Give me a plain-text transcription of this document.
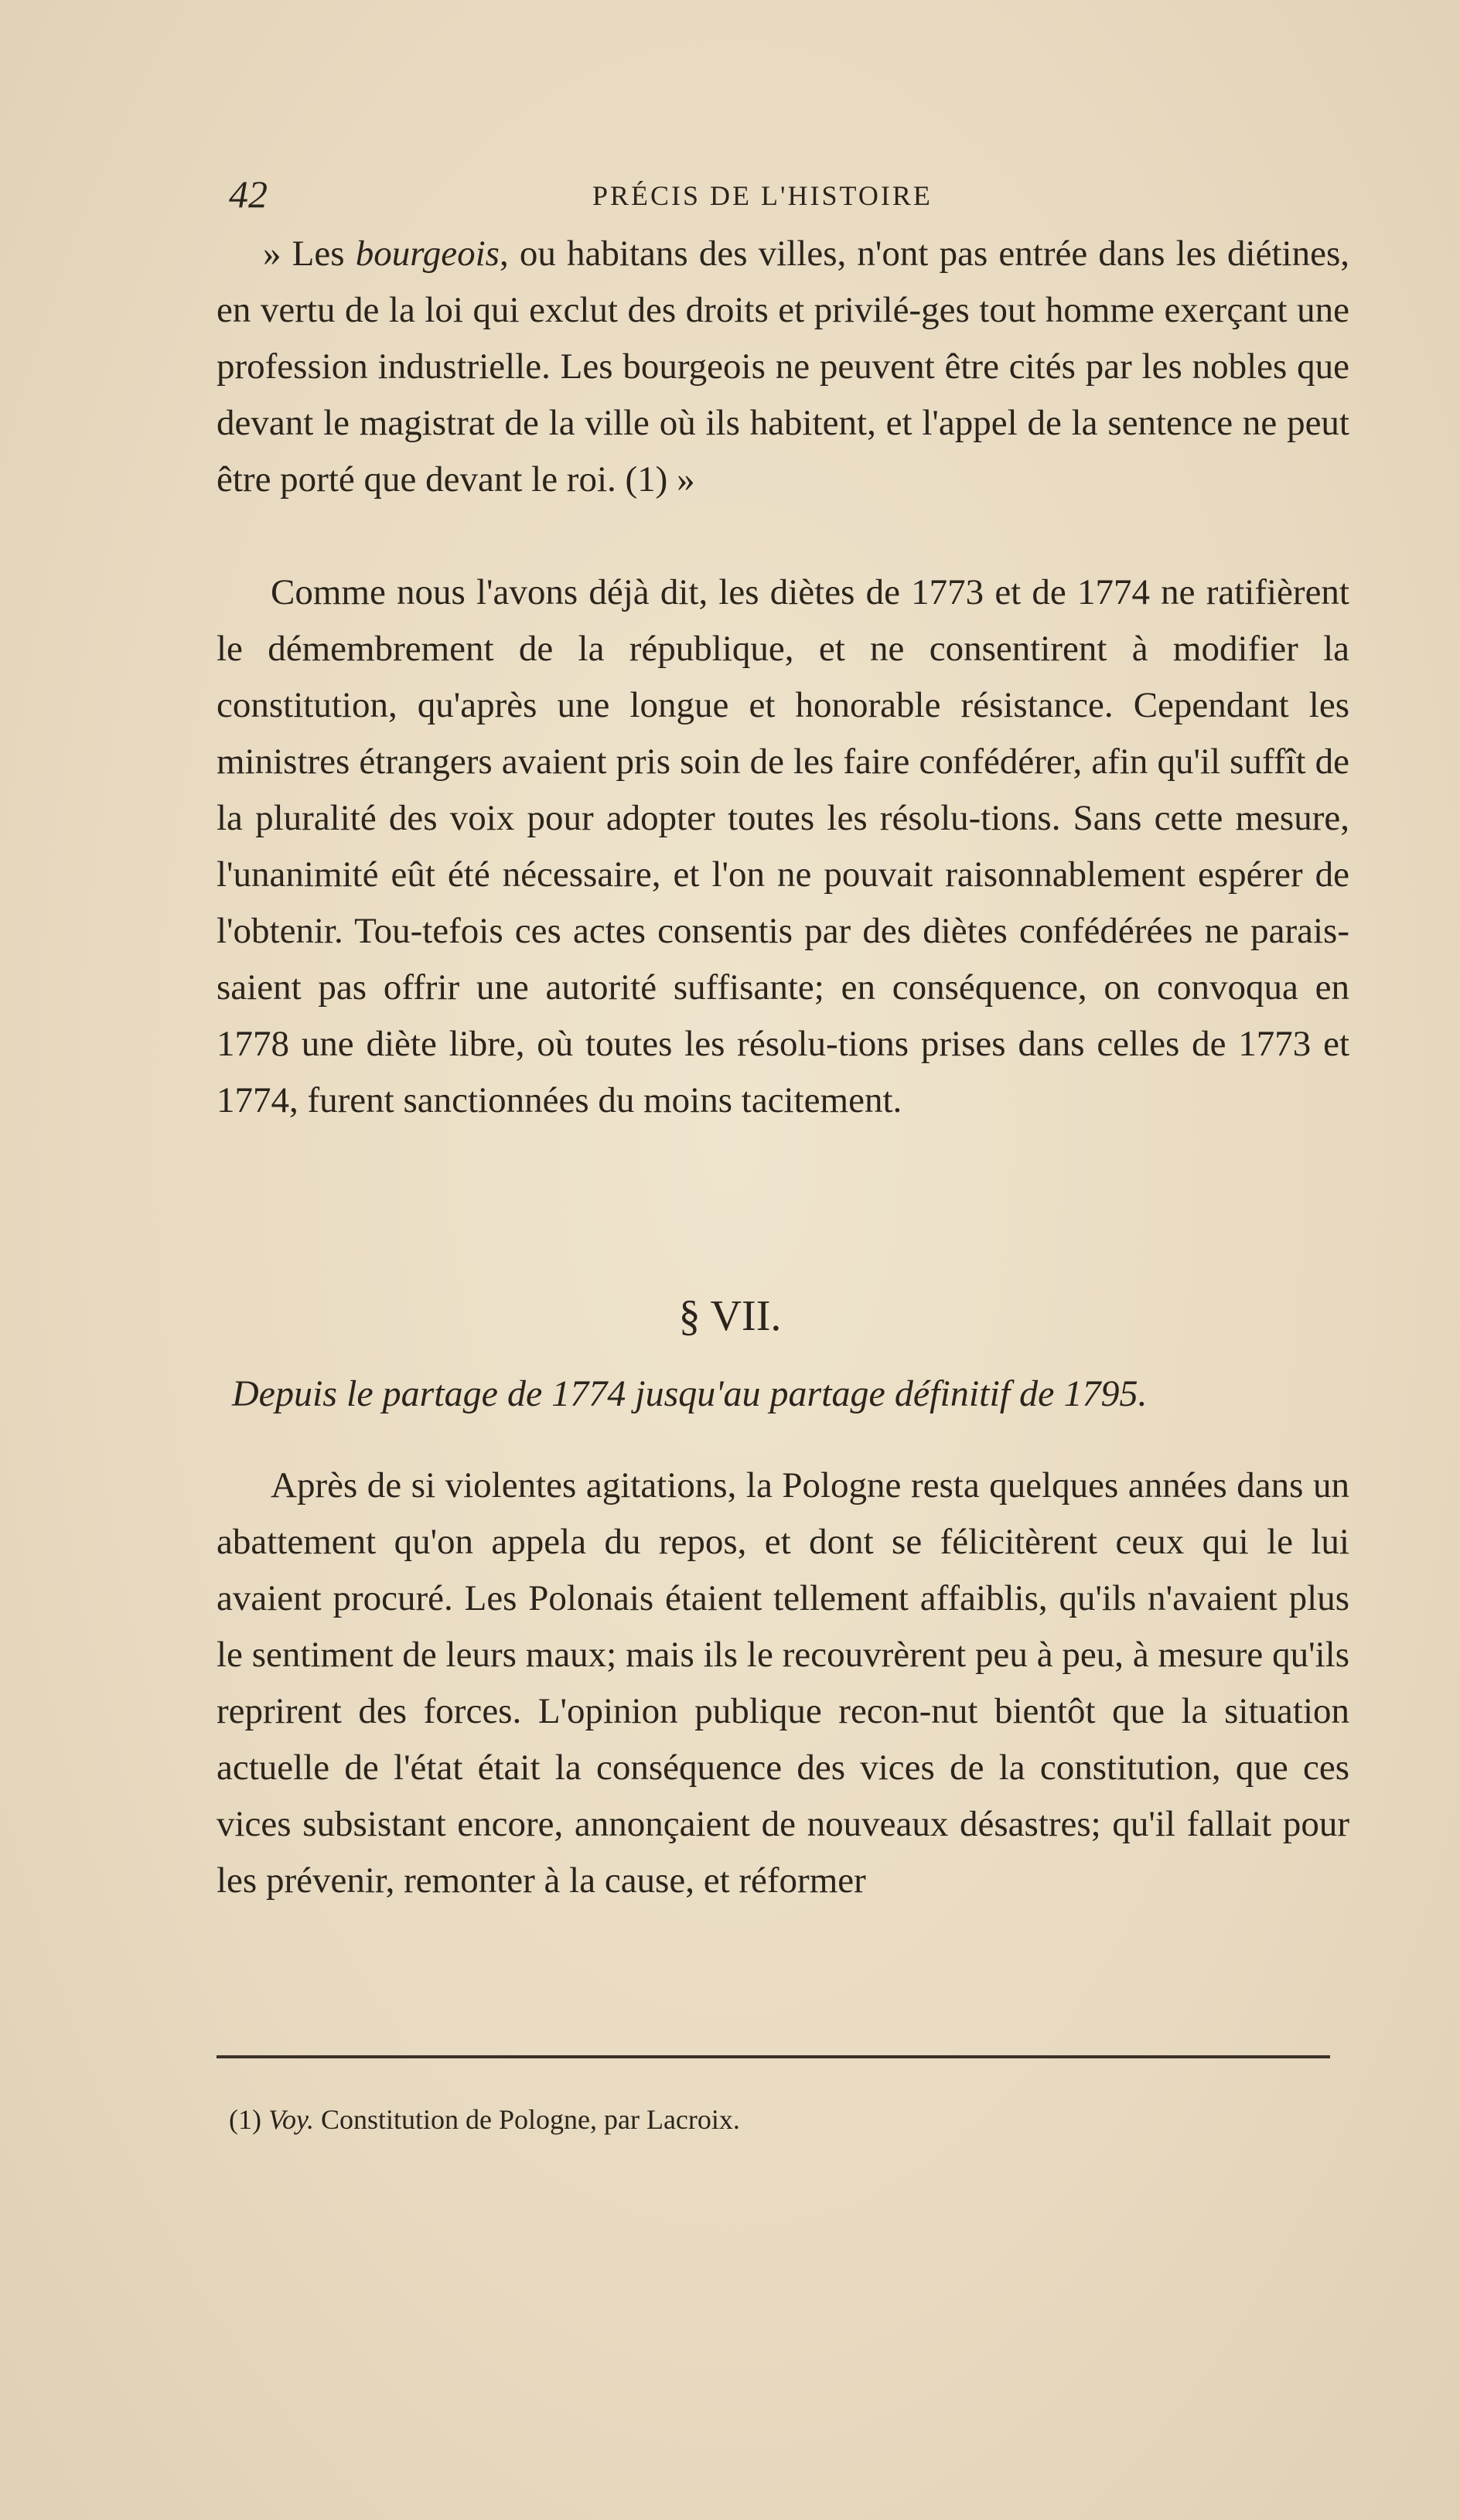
42	PRÉCIS DE L'HISTOIRE

» Les bourgeois, ou habitans des villes, n'ont pas entrée dans les diétines, en vertu de la loi qui exclut des droits et privilé-ges tout homme exerçant une profession industrielle. Les bourgeois ne peuvent être cités par les nobles que devant le magistrat de la ville où ils habitent, et l'appel de la sentence ne peut être porté que devant le roi. (1) »

Comme nous l'avons déjà dit, les diètes de 1773 et de 1774 ne ratifièrent le démembrement de la république, et ne consentirent à modifier la constitution, qu'après une longue et honorable résistance. Cependant les ministres étrangers avaient pris soin de les faire confédérer, afin qu'il suffît de la pluralité des voix pour adopter toutes les résolu-tions. Sans cette mesure, l'unanimité eût été nécessaire, et l'on ne pouvait raisonnablement espérer de l'obtenir. Tou-tefois ces actes consentis par des diètes confédérées ne parais-saient pas offrir une autorité suffisante; en conséquence, on convoqua en 1778 une diète libre, où toutes les résolu-tions prises dans celles de 1773 et 1774, furent sanctionnées du moins tacitement.

§ VII.
Depuis le partage de 1774 jusqu'au partage définitif de 1795.

Après de si violentes agitations, la Pologne resta quelques années dans un abattement qu'on appela du repos, et dont se félicitèrent ceux qui le lui avaient procuré. Les Polonais étaient tellement affaiblis, qu'ils n'avaient plus le sentiment de leurs maux; mais ils le recouvrèrent peu à peu, à mesure qu'ils reprirent des forces. L'opinion publique recon-nut bientôt que la situation actuelle de l'état était la conséquence des vices de la constitution, que ces vices subsistant encore, annonçaient de nouveaux désastres; qu'il fallait pour les prévenir, remonter à la cause, et réformer

(1) Voy. Constitution de Pologne, par Lacroix.
